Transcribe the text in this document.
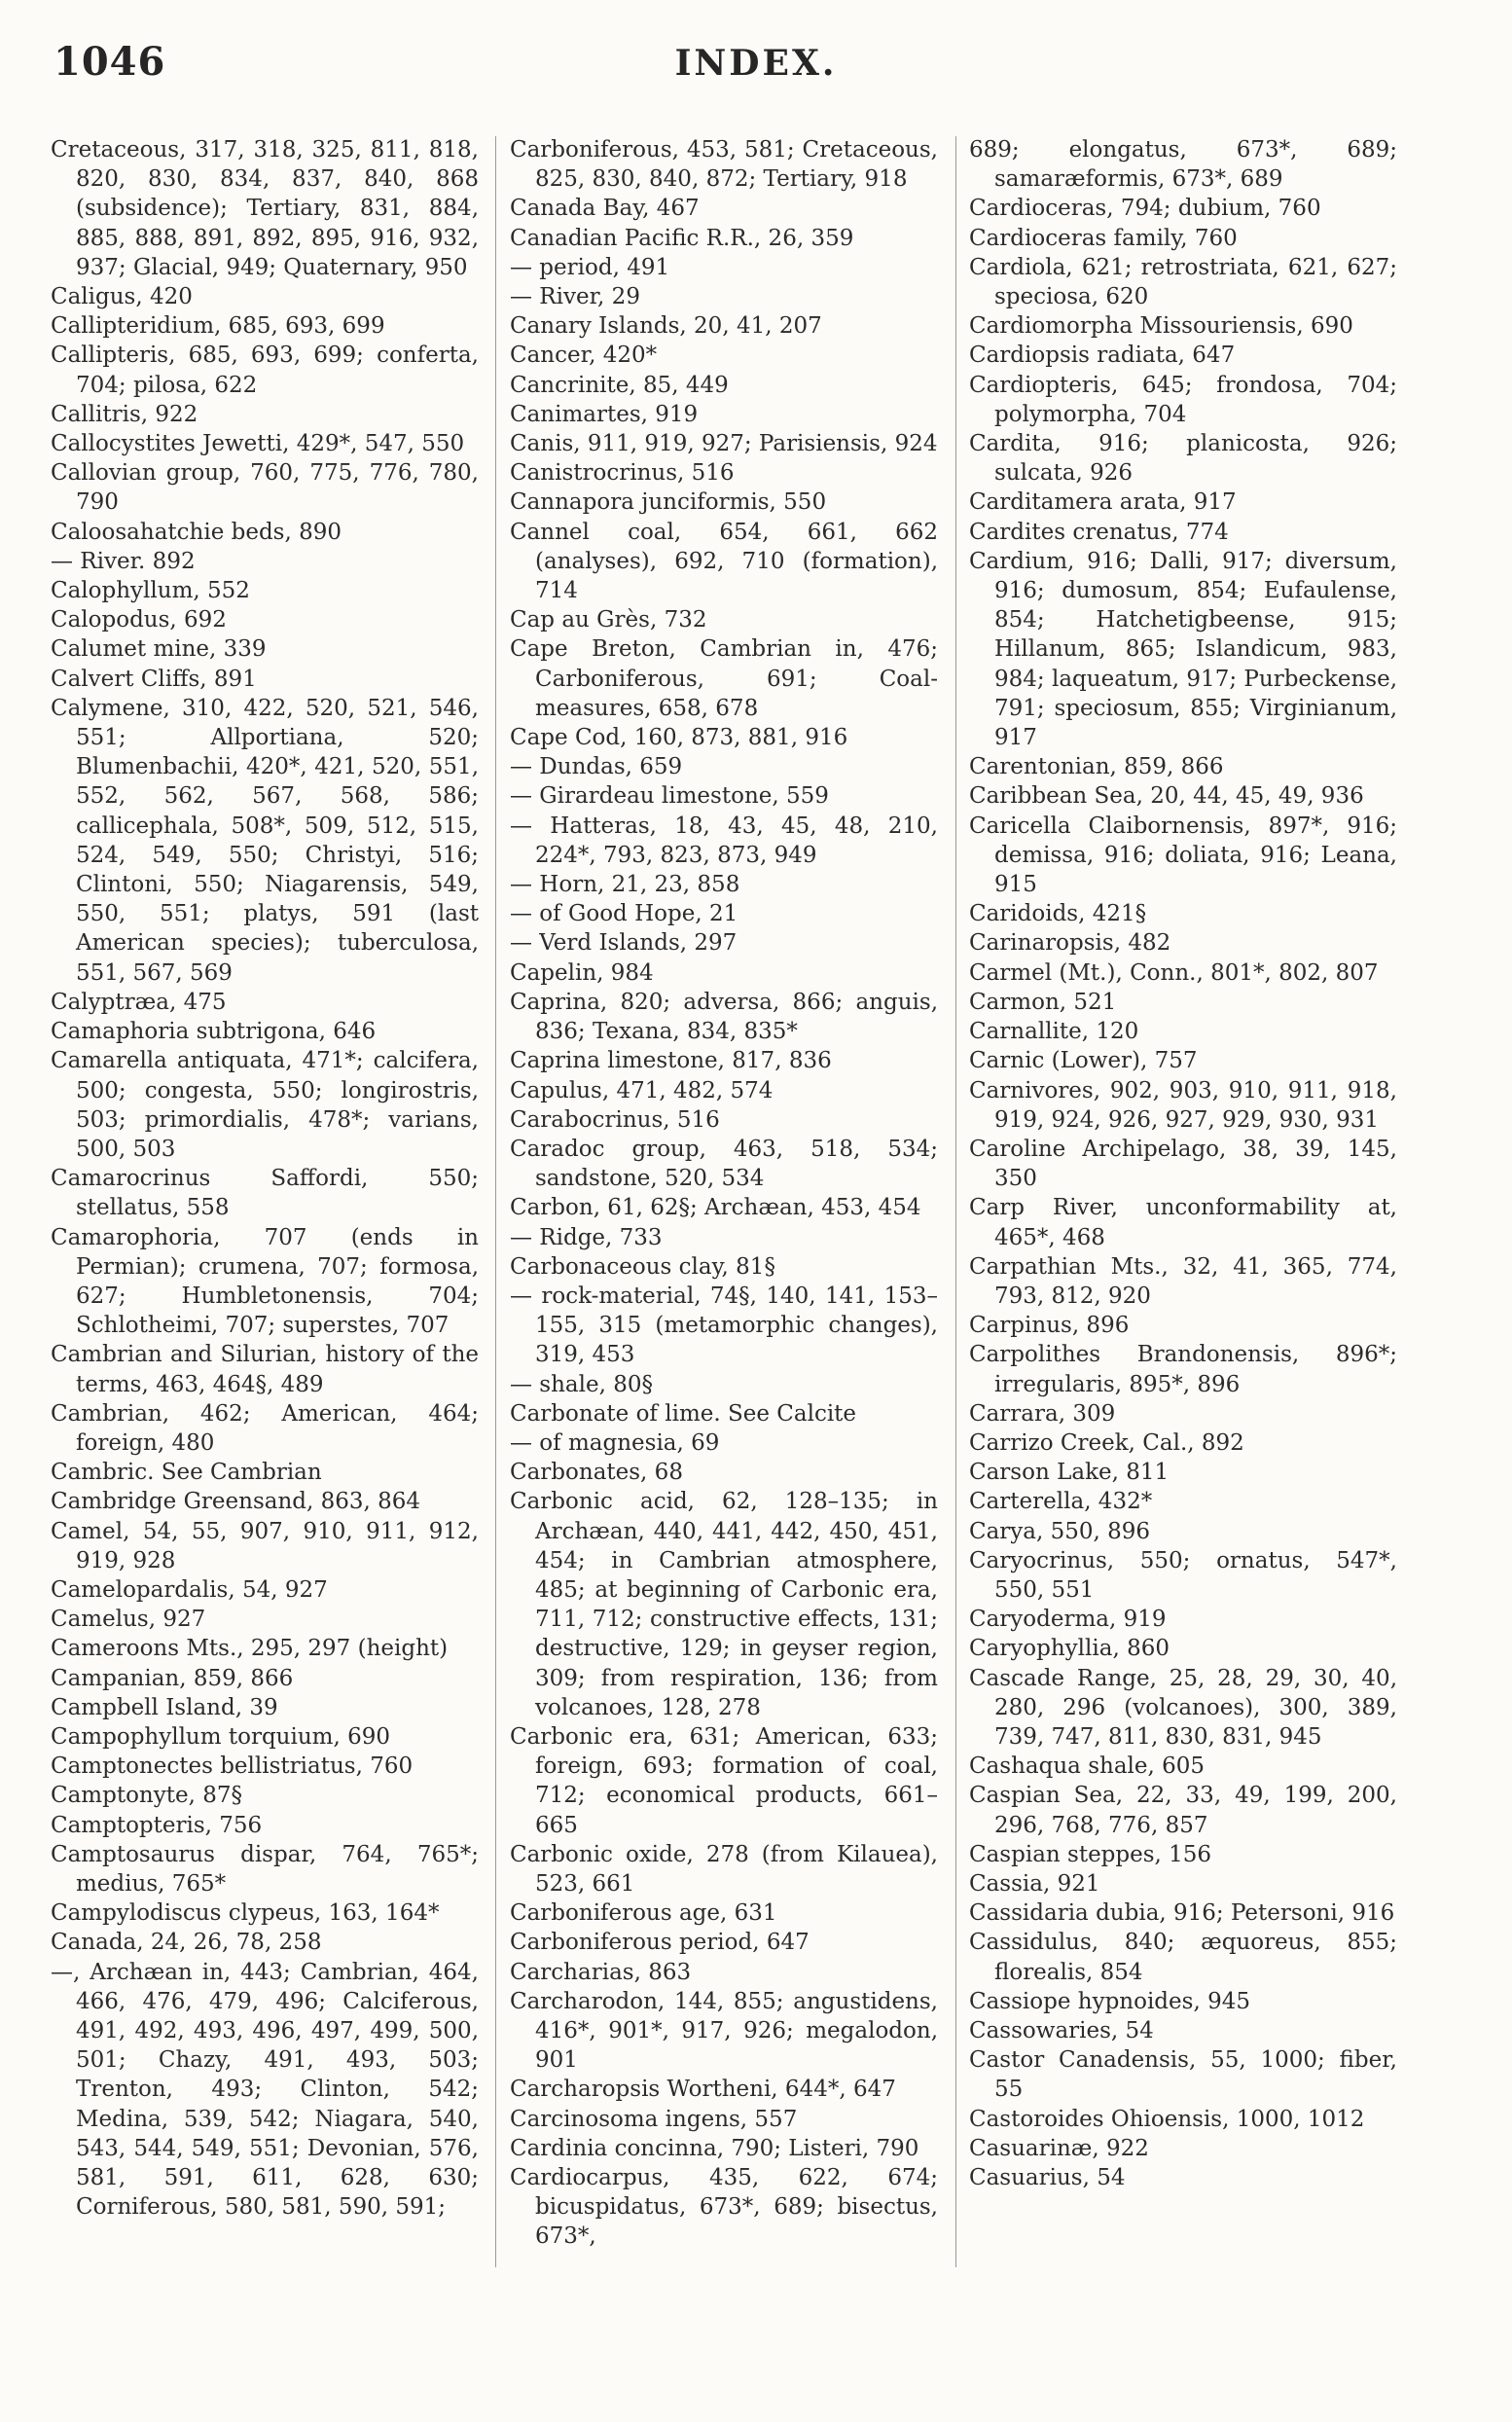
1046	INDEX.
Cretaceous, 317, 318, 325, 811, 818, 820, 830, 834, 837, 840, 868 (subsidence); Tertiary, 831, 884, 885, 888, 891, 892, 895, 916, 932, 937; Glacial, 949; Quaternary, 950
Caligus, 420
Callipteridium, 685, 693, 699
Callipteris, 685, 693, 699; conferta, 704; pilosa, 622
Callitris, 922
Callocystites Jewetti, 429*, 547, 550
Callovian group, 760, 775, 776, 780, 790
Caloosahatchie beds, 890
— River. 892
Calophyllum, 552
Calopodus, 692
Calumet mine, 339
Calvert Cliffs, 891
Calymene, 310, 422, 520, 521, 546, 551; Allportiana, 520; Blumenbachii, 420*, 421, 520, 551, 552, 562, 567, 568, 586; callicephala, 508*, 509, 512, 515, 524, 549, 550; Christyi, 516; Clintoni, 550; Niagarensis, 549, 550, 551; platys, 591 (last American species); tuberculosa, 551, 567, 569
Calyptræa, 475
Camaphoria subtrigona, 646
Camarella antiquata, 471*; calcifera, 500; congesta, 550; longirostris, 503; primordialis, 478*; varians, 500, 503
Camarocrinus Saffordi, 550; stellatus, 558
Camarophoria, 707 (ends in Permian); crumena, 707; formosa, 627; Humbletonensis, 704; Schlotheimi, 707; superstes, 707
Cambrian and Silurian, history of the terms, 463, 464§, 489
Cambrian, 462; American, 464; foreign, 480
Cambric. See Cambrian
Cambridge Greensand, 863, 864
Camel, 54, 55, 907, 910, 911, 912, 919, 928
Camelopardalis, 54, 927
Camelus, 927
Cameroons Mts., 295, 297 (height)
Campanian, 859, 866
Campbell Island, 39
Campophyllum torquium, 690
Camptonectes bellistriatus, 760
Camptonyte, 87§
Camptopteris, 756
Camptosaurus dispar, 764, 765*; medius, 765*
Campylodiscus clypeus, 163, 164*
Canada, 24, 26, 78, 258
—, Archæan in, 443; Cambrian, 464, 466, 476, 479, 496; Calciferous, 491, 492, 493, 496, 497, 499, 500, 501; Chazy, 491, 493, 503; Trenton, 493; Clinton, 542; Medina, 539, 542; Niagara, 540, 543, 544, 549, 551; Devonian, 576, 581, 591, 611, 628, 630; Corniferous, 580, 581, 590, 591;
Carboniferous, 453, 581; Cretaceous, 825, 830, 840, 872; Tertiary, 918
Canada Bay, 467
Canadian Pacific R.R., 26, 359
— period, 491
— River, 29
Canary Islands, 20, 41, 207
Cancer, 420*
Cancrinite, 85, 449
Canimartes, 919
Canis, 911, 919, 927; Parisiensis, 924
Canistrocrinus, 516
Cannapora junciformis, 550
Cannel coal, 654, 661, 662 (analyses), 692, 710 (formation), 714
Cap au Grès, 732
Cape Breton, Cambrian in, 476; Carboniferous, 691; Coal-measures, 658, 678
Cape Cod, 160, 873, 881, 916
— Dundas, 659
— Girardeau limestone, 559
— Hatteras, 18, 43, 45, 48, 210, 224*, 793, 823, 873, 949
— Horn, 21, 23, 858
— of Good Hope, 21
— Verd Islands, 297
Capelin, 984
Caprina, 820; adversa, 866; anguis, 836; Texana, 834, 835*
Caprina limestone, 817, 836
Capulus, 471, 482, 574
Carabocrinus, 516
Caradoc group, 463, 518, 534; sandstone, 520, 534
Carbon, 61, 62§; Archæan, 453, 454
— Ridge, 733
Carbonaceous clay, 81§
— rock-material, 74§, 140, 141, 153–155, 315 (metamorphic changes), 319, 453
— shale, 80§
Carbonate of lime. See Calcite
— of magnesia, 69
Carbonates, 68
Carbonic acid, 62, 128–135; in Archæan, 440, 441, 442, 450, 451, 454; in Cambrian atmosphere, 485; at beginning of Carbonic era, 711, 712; constructive effects, 131; destructive, 129; in geyser region, 309; from respiration, 136; from volcanoes, 128, 278
Carbonic era, 631; American, 633; foreign, 693; formation of coal, 712; economical products, 661–665
Carbonic oxide, 278 (from Kilauea), 523, 661
Carboniferous age, 631
Carboniferous period, 647
Carcharias, 863
Carcharodon, 144, 855; angustidens, 416*, 901*, 917, 926; megalodon, 901
Carcharopsis Wortheni, 644*, 647
Carcinosoma ingens, 557
Cardinia concinna, 790; Listeri, 790
Cardiocarpus, 435, 622, 674; bicuspidatus, 673*, 689; bisectus, 673*,
689; elongatus, 673*, 689; samaræformis, 673*, 689
Cardioceras, 794; dubium, 760
Cardioceras family, 760
Cardiola, 621; retrostriata, 621, 627; speciosa, 620
Cardiomorpha Missouriensis, 690
Cardiopsis radiata, 647
Cardiopteris, 645; frondosa, 704; polymorpha, 704
Cardita, 916; planicosta, 926; sulcata, 926
Carditamera arata, 917
Cardites crenatus, 774
Cardium, 916; Dalli, 917; diversum, 916; dumosum, 854; Eufaulense, 854; Hatchetigbeense, 915; Hillanum, 865; Islandicum, 983, 984; laqueatum, 917; Purbeckense, 791; speciosum, 855; Virginianum, 917
Carentonian, 859, 866
Caribbean Sea, 20, 44, 45, 49, 936
Caricella Claibornensis, 897*, 916; demissa, 916; doliata, 916; Leana, 915
Caridoids, 421§
Carinaropsis, 482
Carmel (Mt.), Conn., 801*, 802, 807
Carmon, 521
Carnallite, 120
Carnic (Lower), 757
Carnivores, 902, 903, 910, 911, 918, 919, 924, 926, 927, 929, 930, 931
Caroline Archipelago, 38, 39, 145, 350
Carp River, unconformability at, 465*, 468
Carpathian Mts., 32, 41, 365, 774, 793, 812, 920
Carpinus, 896
Carpolithes Brandonensis, 896*; irregularis, 895*, 896
Carrara, 309
Carrizo Creek, Cal., 892
Carson Lake, 811
Carterella, 432*
Carya, 550, 896
Caryocrinus, 550; ornatus, 547*, 550, 551
Caryoderma, 919
Caryophyllia, 860
Cascade Range, 25, 28, 29, 30, 40, 280, 296 (volcanoes), 300, 389, 739, 747, 811, 830, 831, 945
Cashaqua shale, 605
Caspian Sea, 22, 33, 49, 199, 200, 296, 768, 776, 857
Caspian steppes, 156
Cassia, 921
Cassidaria dubia, 916; Petersoni, 916
Cassidulus, 840; æquoreus, 855; florealis, 854
Cassiope hypnoides, 945
Cassowaries, 54
Castor Canadensis, 55, 1000; fiber, 55
Castoroides Ohioensis, 1000, 1012
Casuarinæ, 922
Casuarius, 54
